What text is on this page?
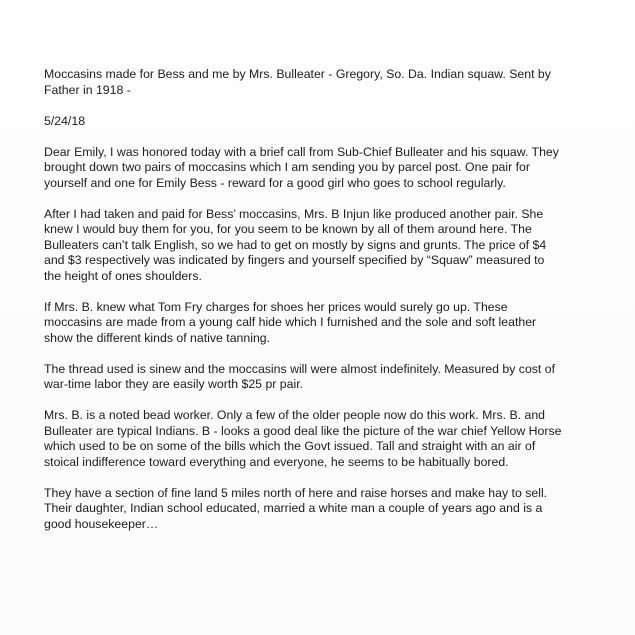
Moccasins made for Bess and me by Mrs. Bulleater - Gregory, So. Da. Indian squaw. Sent by
Father in 1918 -

5/24/18

Dear Emily, I was honored today with a brief call from Sub-Chief Bulleater and his squaw. They
brought down two pairs of moccasins which I am sending you by parcel post. One pair for
yourself and one for Emily Bess - reward for a good girl who goes to school regularly.

After I had taken and paid for Bess’ moccasins, Mrs. B Injun like produced another pair. She
knew I would buy them for you, for you seem to be known by all of them around here. The
Bulleaters can’t talk English, so we had to get on mostly by signs and grunts. The price of $4
and $3 respectively was indicated by fingers and yourself specified by “Squaw” measured to
the height of ones shoulders.

If Mrs. B. knew what Tom Fry charges for shoes her prices would surely go up. These
moccasins are made from a young calf hide which I furnished and the sole and soft leather
show the different kinds of native tanning.

The thread used is sinew and the moccasins will were almost indefinitely. Measured by cost of
war-time labor they are easily worth $25 pr pair.

Mrs. B. is a noted bead worker. Only a few of the older people now do this work. Mrs. B. and
Bulleater are typical Indians. B - looks a good deal like the picture of the war chief Yellow Horse
which used to be on some of the bills which the Govt issued. Tall and straight with an air of
stoical indifference toward everything and everyone, he seems to be habitually bored.

They have a section of fine land 5 miles north of here and raise horses and make hay to sell.
Their daughter, Indian school educated, married a white man a couple of years ago and is a
good housekeeper…
